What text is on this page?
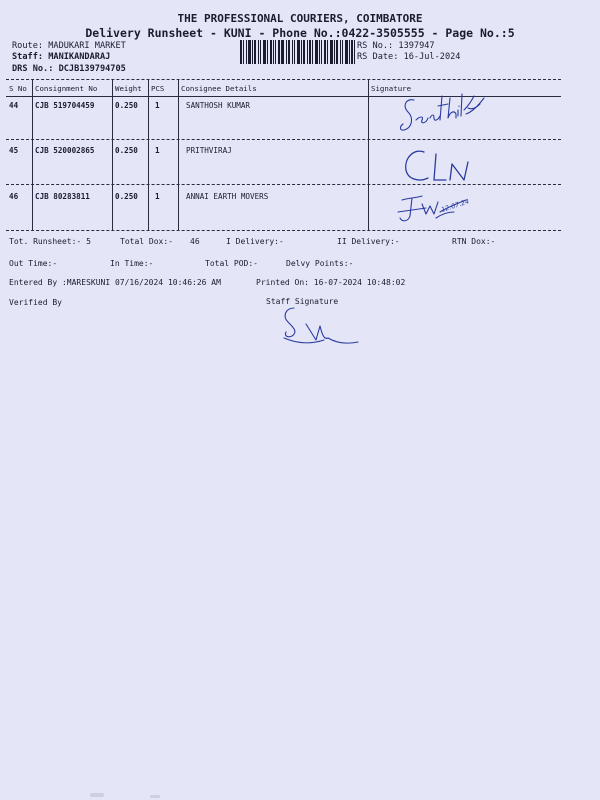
THE PROFESSIONAL COURIERS, COIMBATORE
Delivery Runsheet - KUNI - Phone No.:0422-3505555 - Page No.:5
Route: MADUKARI MARKET
Staff: MANIKANDARAJ
DRS No.: DCJB139794705
RS No.: 1397947
RS Date: 16-Jul-2024
S No Consignment No Weight PCS Consignee Details	Signature
44 CJB 519704459	0.250 1	SANTHOSH KUMAR
45 CJB 520002865	0.250 1	PRITHVIRAJ
46 CJB 80283811	0.250 1	ANNAI EARTH MOVERS
12.07.24
Tot. Runsheet:- 5	Total Dox:- 46	I Delivery:-	II Delivery:-	RTN Dox:-
Out Time:-	In Time:-	Total POD:-	Delvy Points:-
Entered By :MARESKUNI 07/16/2024 10:46:26 AM	Printed On: 16-07-2024 10:48:02
Verified By	Staff Signature
